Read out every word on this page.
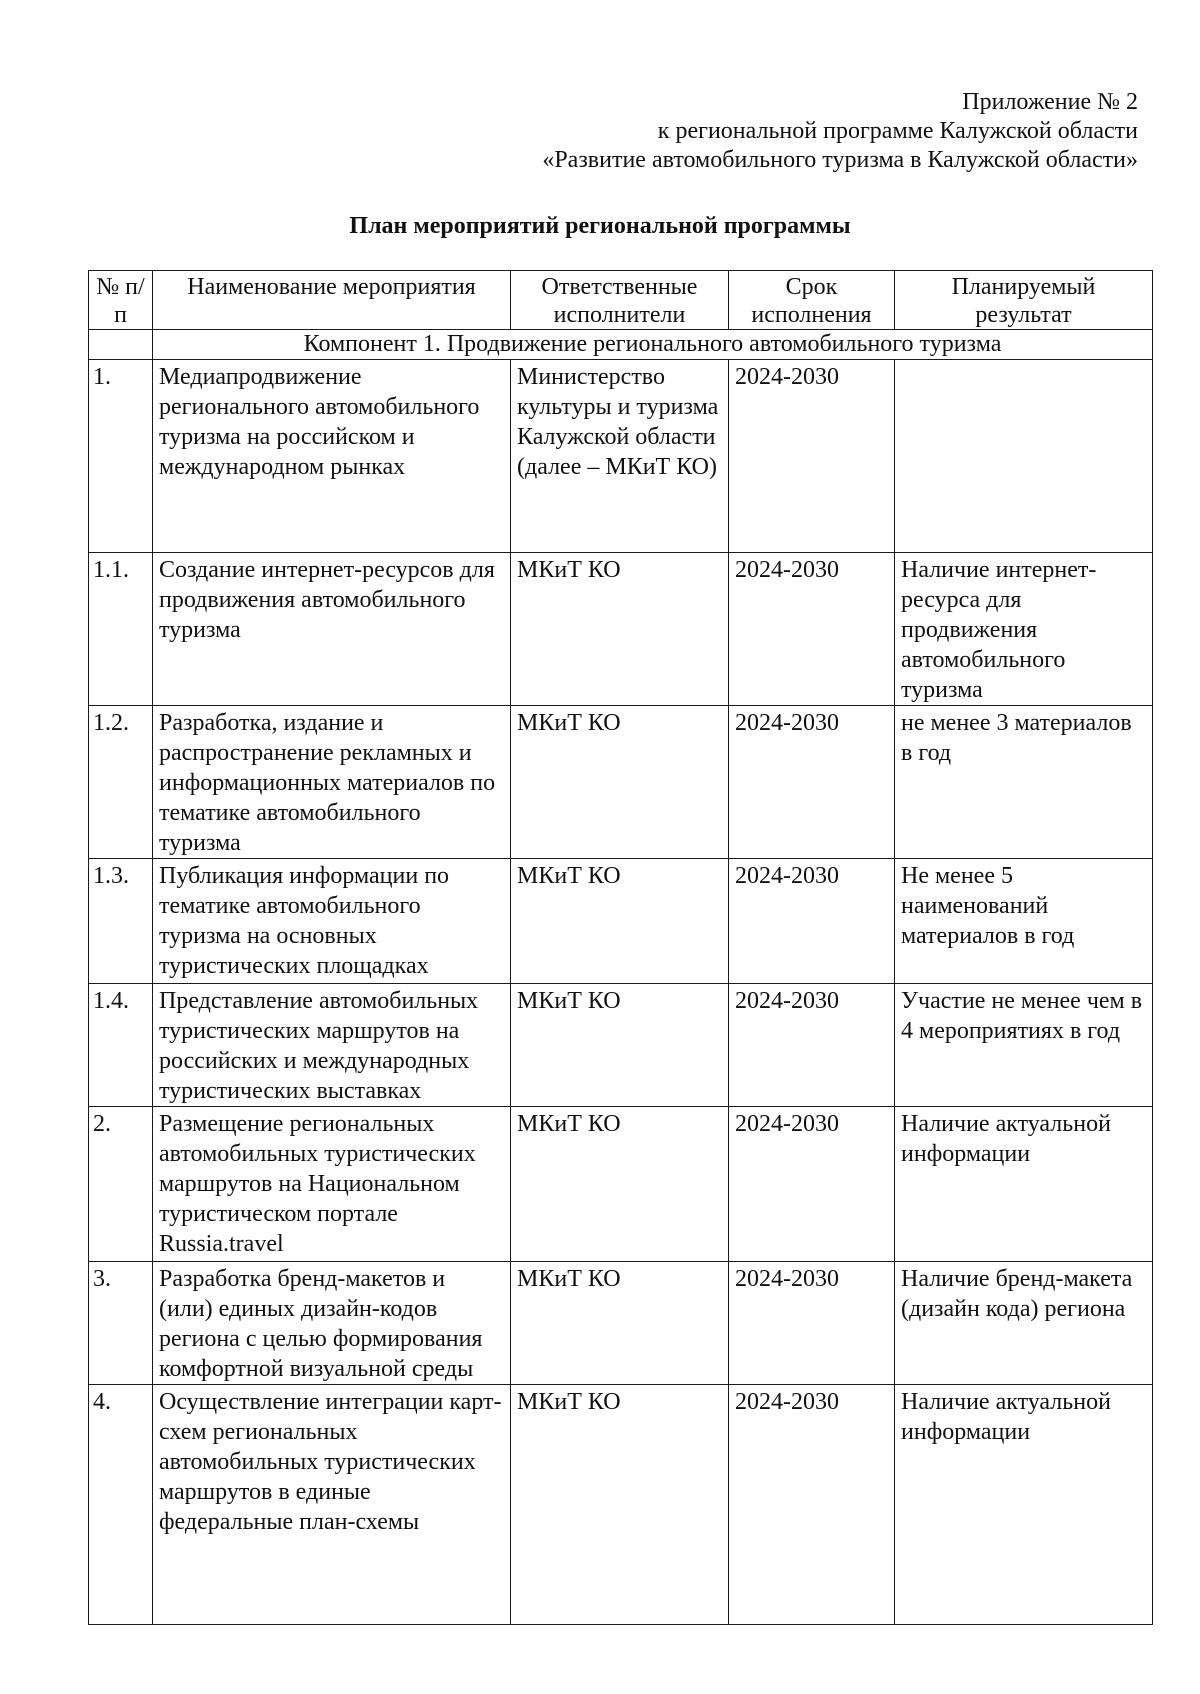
Приложение № 2
к региональной программе Калужской области
«Развитие автомобильного туризма в Калужской области»
План мероприятий региональной программы
№ п/п	Наименование мероприятия	Ответственные исполнители	Срок исполнения	Планируемый результат
	Компонент 1. Продвижение регионального автомобильного туризма			
1.	Медиапродвижение регионального автомобильного туризма на российском и международном рынках	Министерство культуры и туризма Калужской области (далее – МКиТ КО)	2024-2030	
1.1.	Создание интернет-ресурсов для продвижения автомобильного туризма	МКиТ КО	2024-2030	Наличие интернет-ресурса для продвижения автомобильного туризма
1.2.	Разработка, издание и распространение рекламных и информационных материалов по тематике автомобильного туризма	МКиТ КО	2024-2030	не менее 3 материалов в год
1.3.	Публикация информации по тематике автомобильного туризма на основных туристических площадках	МКиТ КО	2024-2030	Не менее 5 наименований материалов в год
1.4.	Представление автомобильных туристических маршрутов на российских и международных туристических выставках	МКиТ КО	2024-2030	Участие не менее чем в 4 мероприятиях в год
2.	Размещение региональных автомобильных туристических маршрутов на Национальном туристическом портале Russia.travel	МКиТ КО	2024-2030	Наличие актуальной информации
3.	Разработка бренд-макетов и (или) единых дизайн-кодов региона с целью формирования комфортной визуальной среды	МКиТ КО	2024-2030	Наличие бренд-макета (дизайн кода) региона
4.	Осуществление интеграции карт-схем региональных автомобильных туристических маршрутов в единые федеральные план-схемы	МКиТ КО	2024-2030	Наличие актуальной информации
